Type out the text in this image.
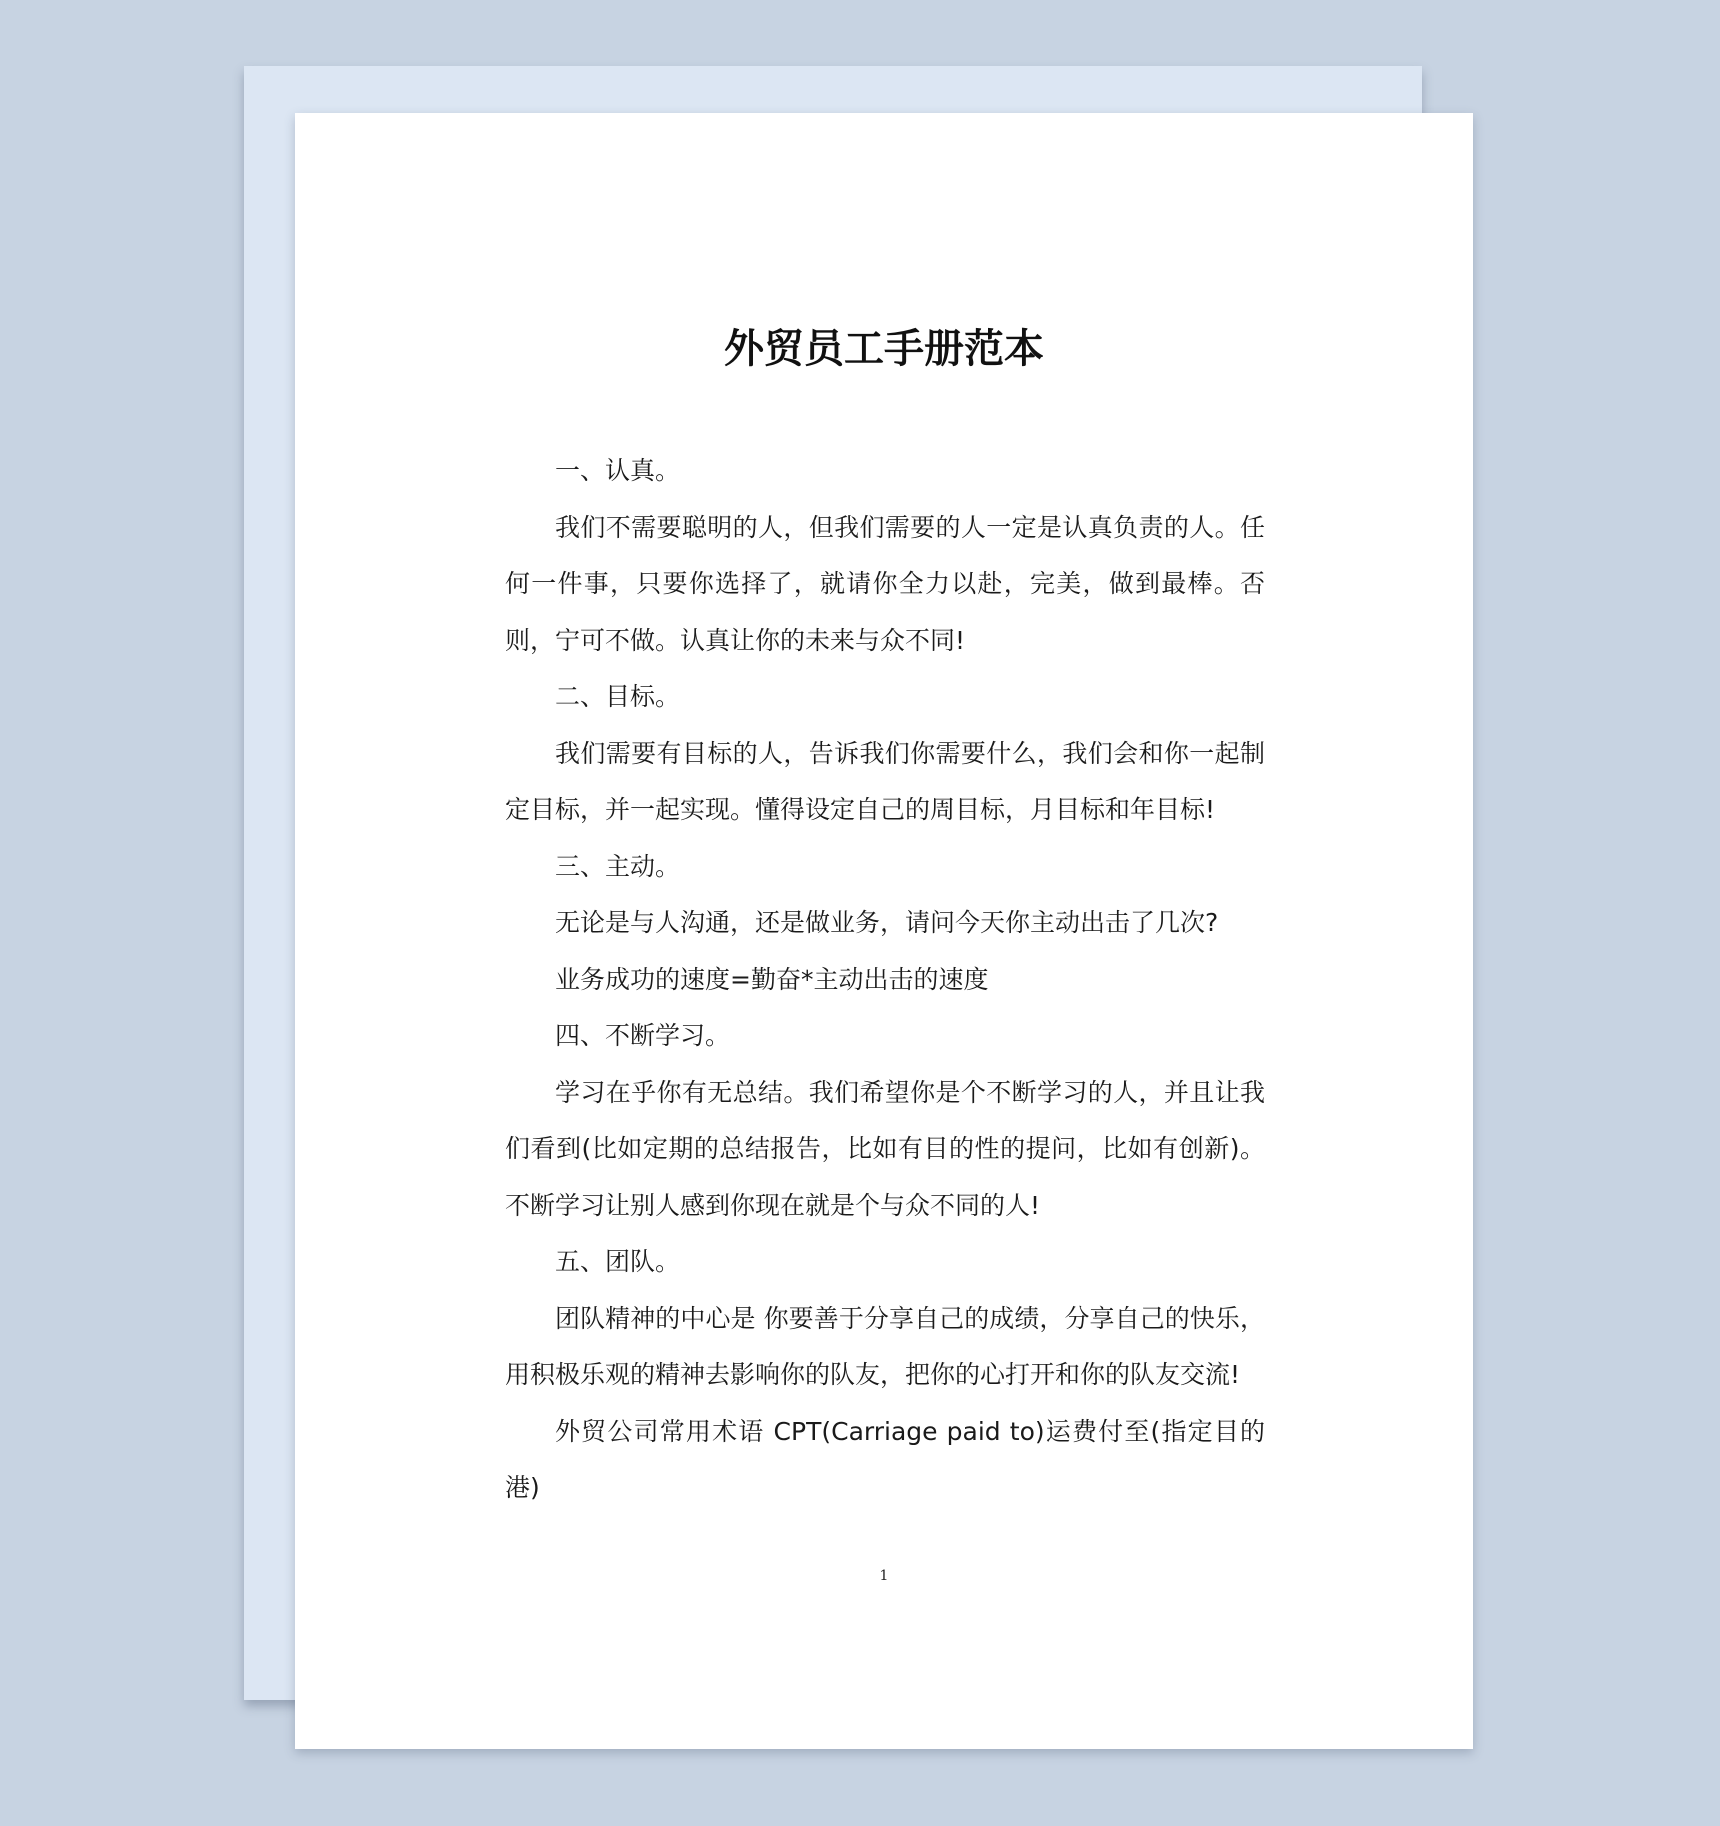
外贸员工手册范本

一、认真。

我们不需要聪明的人，但我们需要的人一定是认真负责的人。任何一件事，只要你选择了，就请你全力以赴，完美，做到最棒。否则，宁可不做。认真让你的未来与众不同!

二、目标。

我们需要有目标的人，告诉我们你需要什么，我们会和你一起制定目标，并一起实现。懂得设定自己的周目标，月目标和年目标!

三、主动。

无论是与人沟通，还是做业务，请问今天你主动出击了几次?

业务成功的速度=勤奋*主动出击的速度

四、不断学习。

学习在乎你有无总结。我们希望你是个不断学习的人，并且让我们看到(比如定期的总结报告，比如有目的性的提问，比如有创新)。不断学习让别人感到你现在就是个与众不同的人!

五、团队。

团队精神的中心是 你要善于分享自己的成绩，分享自己的快乐，用积极乐观的精神去影响你的队友，把你的心打开和你的队友交流!

外贸公司常用术语 CPT(Carriage paid to)运费付至(指定目的港)

1
